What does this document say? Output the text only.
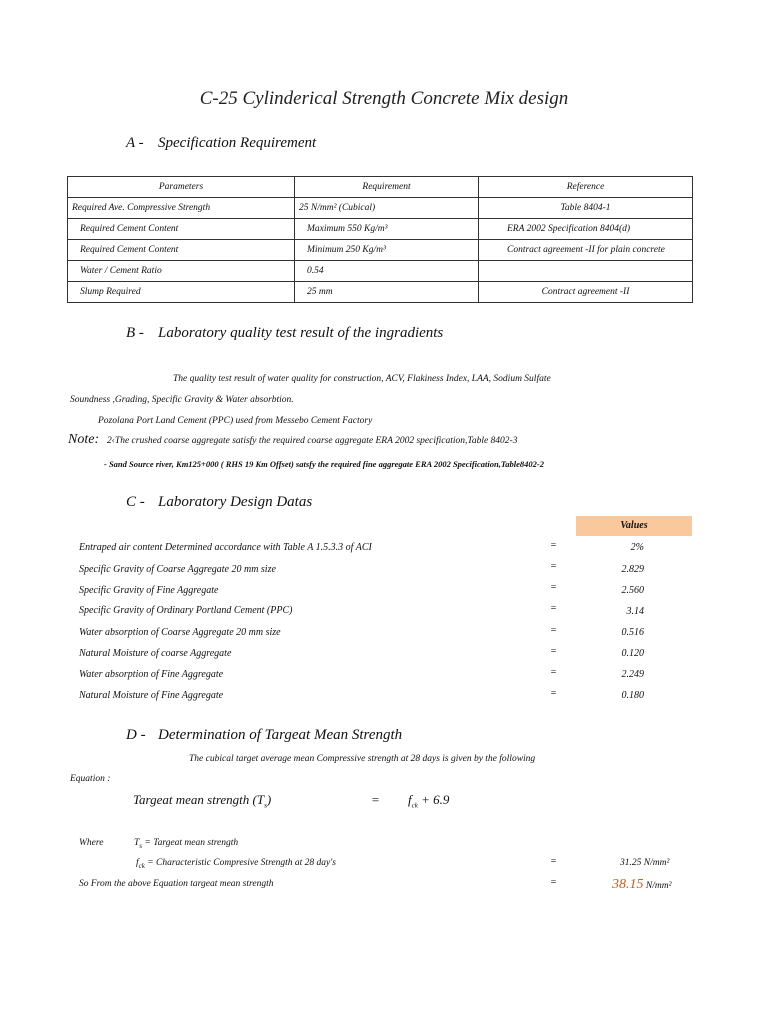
C-25 Cylinderical Strength Concrete Mix design
A - Specification Requirement
Parameters	Requirement	Reference
Required Ave. Compressive Strength	25 N/mm² (Cubical)	Table 8404-1
Required Cement Content	Maximum 550 Kg/m³	ERA 2002 Specification 8404(d)
Required Cement Content	Minimum 250 Kg/m³	Contract agreement -II for plain concrete
Water / Cement Ratio	0.54	
Slump Required	25 mm	Contract agreement -II
B - Laboratory quality test result of the ingradients
The quality test result of water quality for construction, ACV, Flakiness Index, LAA, Sodium Sulfate
Soundness ,Grading, Specific Gravity & Water absorbtion.
Pozolana Port Land Cement (PPC) used from Messebo Cement Factory
Note: 2‹The crushed coarse aggregate satisfy the required coarse aggregate ERA 2002 specification,Table 8402-3
- Sand Source river, Km125+000 ( RHS 19 Km Offset) satsfy the required fine aggregate ERA 2002 Specification,Table8402-2
C - Laboratory Design Datas
Values
Entraped air content Determined accordance with Table A 1.5.3.3 of ACI	=	2%
Specific Gravity of Coarse Aggregate 20 mm size	=	2.829
Specific Gravity of Fine Aggregate	=	2.560
Specific Gravity of Ordinary Portland Cement (PPC)	=	3.14
Water absorption of Coarse Aggregate 20 mm size	=	0.516
Natural Moisture of coarse Aggregate	=	0.120
Water absorption of Fine Aggregate	=	2.249
Natural Moisture of Fine Aggregate	=	0.180
D - Determination of Targeat Mean Strength
The cubical target average mean Compressive strength at 28 days is given by the following
Equation :
Targeat mean strength $(T_s)$	= $f_{ck} + 6.9$
Where	$T_s$ = Targeat mean strength
$f_{ck}$ = Characteristic Compresive Strength at 28 day's	=	31.25 N/mm²
So From the above Equation targeat mean strength	=	38.15 N/mm²
